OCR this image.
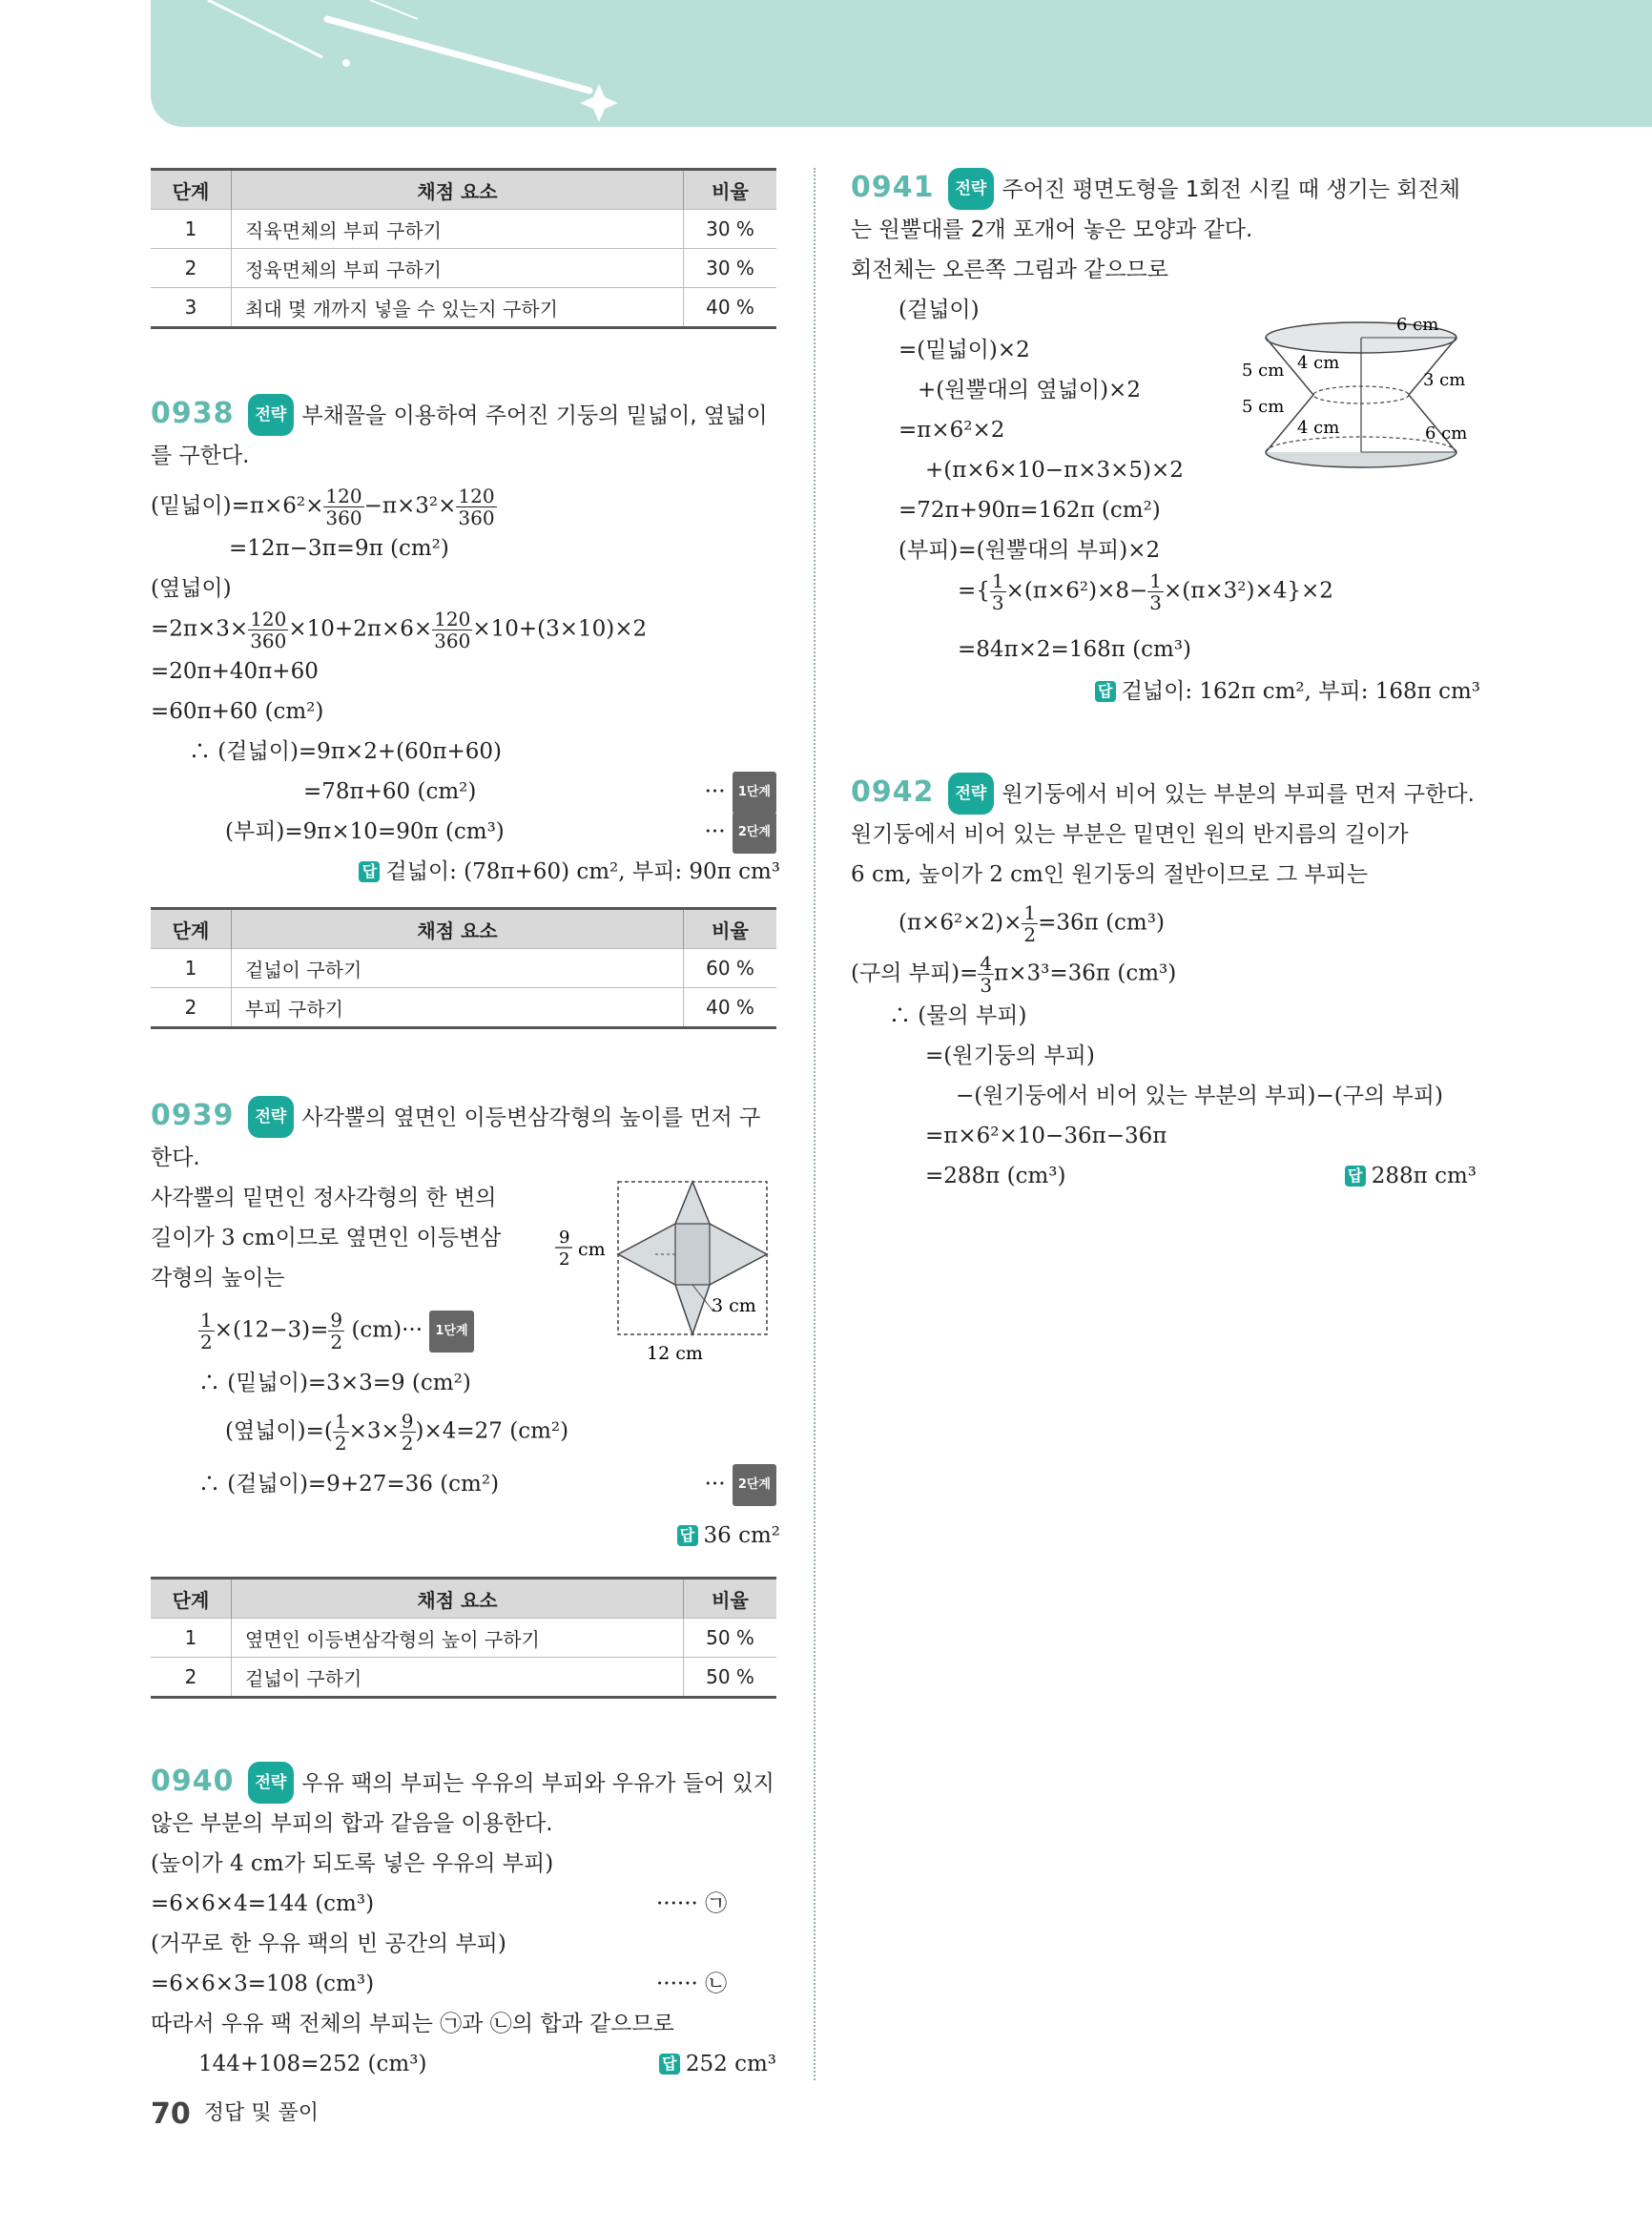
단계	채점 요소	비율
1	직육면체의 부피 구하기	30 %
2	정육면체의 부피 구하기	30 %
3	최대 몇 개까지 넣을 수 있는지 구하기	40 %
0938 전략 부채꼴을 이용하여 주어진 기둥의 밑넓이, 옆넓이를 구한다.
(밑넓이)$=\pi\times 6^2\times \frac{120}{360} -\pi\times 3^2\times \frac{120}{360}$
=12π−3π=9π (cm²)
(옆넓이)
$=2\pi\times 3\times \frac{120}{360} \times 10+2\pi\times 6\times \frac{120}{360} \times 10+(3\times 10)\times 2$
=20π+40π+60
=60π+60 (cm²)
∴ (겉넓이)=9π×2+(60π+60)
=78π+60 (cm²)	··· 1단계
(부피)=9π×10=90π (cm³)	··· 2단계
답 겉넓이: (78π+60) cm², 부피: 90π cm³
단계	채점 요소	비율
1	겉넓이 구하기	60 %
2	부피 구하기	40 %
0939 전략 사각뿔의 옆면인 이등변삼각형의 높이를 먼저 구한다.
사각뿔의 밑면인 정사각형의 한 변의
길이가 3 cm이므로 옆면인 이등변삼
각형의 높이는
$\frac{1}{2} \times(12-3)= \frac{9}{2} (cm)\cdot\cdot\cdot 1$단계
∴ (밑넓이)=3×3=9 (cm²)
(옆넓이)=( $\frac{1}{2} \times 3\times \frac{9}{2} )\times 4=27$ (cm²)
∴ (겉넓이)=9+27=36 (cm²)	··· 2단계
9
2 cm
3 cm
12 cm
답 36 cm²
단계	채점 요소	비율
1	옆면인 이등변삼각형의 높이 구하기	50 %
2	겉넓이 구하기	50 %
0940 전략 우유 팩의 부피는 우유의 부피와 우유가 들어 있지 않은 부분의 부피의 합과 같음을 이용한다.
(높이가 4 cm가 되도록 넣은 우유의 부피)
=6×6×4=144 (cm³)	······ ㉠
(거꾸로 한 우유 팩의 빈 공간의 부피)
=6×6×3=108 (cm³)	······ ㉡
따라서 우유 팩 전체의 부피는 ㉠과 ㉡의 합과 같으므로
144+108=252 (cm³)	답 252 cm³
0941 전략 주어진 평면도형을 1회전 시킬 때 생기는 회전체는 원뿔대를 2개 포개어 놓은 모양과 같다.
회전체는 오른쪽 그림과 같으므로
(겉넓이)
=(밑넓이)×2
+(원뿔대의 옆넓이)×2
=π×6²×2
+(π×6×10−π×3×5)×2
=72π+90π=162π (cm²)
(부피)=(원뿔대의 부피)×2
={ $\frac{1}{3} \times(\pi\times 6^2)\times 8- \frac{1}{3} \times(\pi\times 3^2)\times 4\}\times 2$
=84π×2=168π (cm³)
6 cm
5 cm 4 cm
3 cm
5 cm
4 cm	6 cm
답 겉넓이: 162π cm², 부피: 168π cm³
0942 전략 원기둥에서 비어 있는 부분의 부피를 먼저 구한다.
원기둥에서 비어 있는 부분은 밑면인 원의 반지름의 길이가
6 cm, 높이가 2 cm인 원기둥의 절반이므로 그 부피는
$(\pi\times 6^2\times 2)\times \frac{1}{2} =36\pi$ (cm³)
(구의 부피)= $\frac{4}{3} \pi\times 3^3=36\pi$ (cm³)
∴ (물의 부피)
=(원기둥의 부피)
−(원기둥에서 비어 있는 부분의 부피)−(구의 부피)
=π×6²×10−36π−36π
=288π (cm³)	답 288π cm³
70 정답 및 풀이
